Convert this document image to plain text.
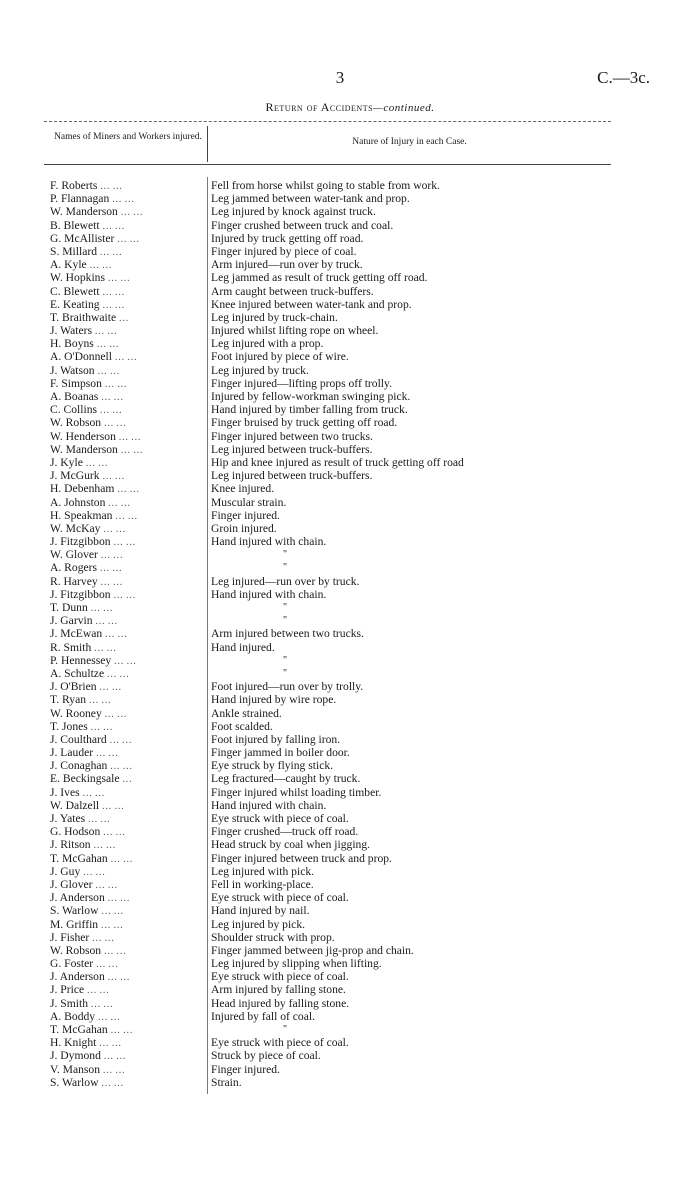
3	C.—3c.
Return of Accidents—continued.
Names of Miners and Workers injured.	Nature of Injury in each Case.
F. Roberts … …	Fell from horse whilst going to stable from work.
P. Flannagan … …	Leg jammed between water-tank and prop.
W. Manderson … …	Leg injured by knock against truck.
B. Blewett … …	Finger crushed between truck and coal.
G. McAllister … …	Injured by truck getting off road.
S. Millard … …	Finger injured by piece of coal.
A. Kyle … …	Arm injured—run over by truck.
W. Hopkins … …	Leg jammed as result of truck getting off road.
C. Blewett … …	Arm caught between truck-buffers.
E. Keating … …	Knee injured between water-tank and prop.
T. Braithwaite …	Leg injured by truck-chain.
J. Waters … …	Injured whilst lifting rope on wheel.
H. Boyns … …	Leg injured with a prop.
A. O'Donnell … …	Foot injured by piece of wire.
J. Watson … …	Leg injured by truck.
F. Simpson … …	Finger injured—lifting props off trolly.
A. Boanas … …	Injured by fellow-workman swinging pick.
C. Collins … …	Hand injured by timber falling from truck.
W. Robson … …	Finger bruised by truck getting off road.
W. Henderson … …	Finger injured between two trucks.
W. Manderson … …	Leg injured between truck-buffers.
J. Kyle … …	Hip and knee injured as result of truck getting off road
J. McGurk … …	Leg injured between truck-buffers.
H. Debenham … …	Knee injured.
A. Johnston … …	Muscular strain.
H. Speakman … …	Finger injured.
W. McKay … …	Groin injured.
J. Fitzgibbon … …	Hand injured with chain.
W. Glover … …	"
A. Rogers … …	"
R. Harvey … …	Leg injured—run over by truck.
J. Fitzgibbon … …	Hand injured with chain.
T. Dunn … …	"
J. Garvin … …	"
J. McEwan … …	Arm injured between two trucks.
R. Smith … …	Hand injured.
P. Hennessey … …	"
A. Schultze … …	"
J. O'Brien … …	Foot injured—run over by trolly.
T. Ryan … …	Hand injured by wire rope.
W. Rooney … …	Ankle strained.
T. Jones … …	Foot scalded.
J. Coulthard … …	Foot injured by falling iron.
J. Lauder … …	Finger jammed in boiler door.
J. Conaghan … …	Eye struck by flying stick.
E. Beckingsale …	Leg fractured—caught by truck.
J. Ives … …	Finger injured whilst loading timber.
W. Dalzell … …	Hand injured with chain.
J. Yates … …	Eye struck with piece of coal.
G. Hodson … …	Finger crushed—truck off road.
J. Ritson … …	Head struck by coal when jigging.
T. McGahan … …	Finger injured between truck and prop.
J. Guy … …	Leg injured with pick.
J. Glover … …	Fell in working-place.
J. Anderson … …	Eye struck with piece of coal.
S. Warlow … …	Hand injured by nail.
M. Griffin … …	Leg injured by pick.
J. Fisher … …	Shoulder struck with prop.
W. Robson … …	Finger jammed between jig-prop and chain.
G. Foster … …	Leg injured by slipping when lifting.
J. Anderson … …	Eye struck with piece of coal.
J. Price … …	Arm injured by falling stone.
J. Smith … …	Head injured by falling stone.
A. Boddy … …	Injured by fall of coal.
T. McGahan … …	"
H. Knight … …	Eye struck with piece of coal.
J. Dymond … …	Struck by piece of coal.
V. Manson … …	Finger injured.
S. Warlow … …	Strain.
